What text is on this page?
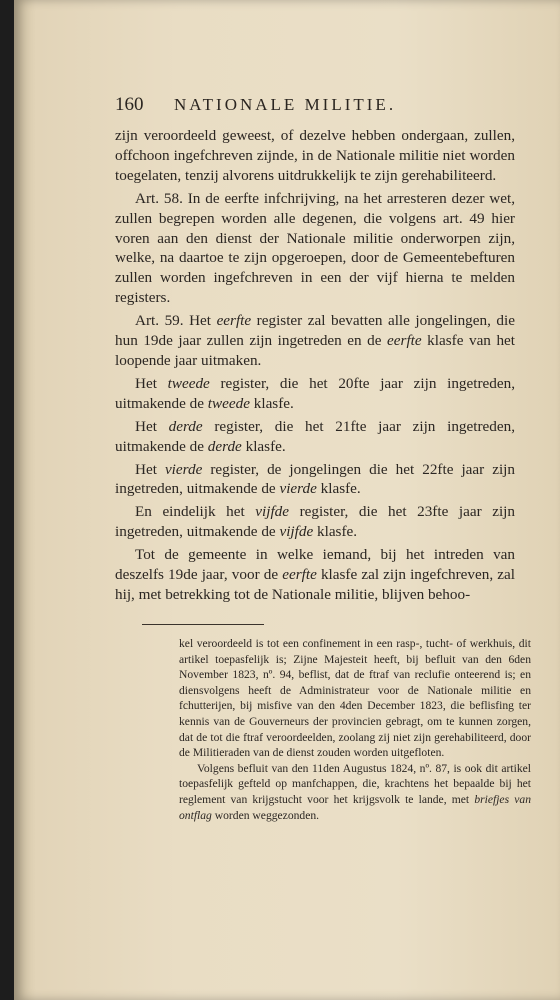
160 NATIONALE MILITIE.

zijn veroordeeld geweest, of dezelve hebben ondergaan, zullen, offchoon ingefchreven zijnde, in de Nationale militie niet worden toegelaten, tenzij alvorens uitdrukkelijk te zijn gerehabiliteerd.

Art. 58. In de eerfte infchrijving, na het arresteren dezer wet, zullen begrepen worden alle degenen, die volgens art. 49 hier voren aan den dienst der Nationale militie onderworpen zijn, welke, na daartoe te zijn opgeroepen, door de Gemeentebefturen zullen worden ingefchreven in een der vijf hierna te melden registers.

Art. 59. Het eerfte register zal bevatten alle jongelingen, die hun 19de jaar zullen zijn ingetreden en de eerfte klasfe van het loopende jaar uitmaken.

Het tweede register, die het 20fte jaar zijn ingetreden, uitmakende de tweede klasfe.

Het derde register, die het 21fte jaar zijn ingetreden, uitmakende de derde klasfe.

Het vierde register, de jongelingen die het 22fte jaar zijn ingetreden, uitmakende de vierde klasfe.

En eindelijk het vijfde register, die het 23fte jaar zijn ingetreden, uitmakende de vijfde klasfe.

Tot de gemeente in welke iemand, bij het intreden van deszelfs 19de jaar, voor de eerfte klasfe zal zijn ingefchreven, zal hij, met betrekking tot de Nationale militie, blijven behoo-

kel veroordeeld is tot een confinement in een rasp-, tucht- of werkhuis, dit artikel toepasfelijk is; Zijne Majesteit heeft, bij befluit van den 6den November 1823, nº. 94, beflist, dat de ftraf van reclufie onteerend is; en diensvolgens heeft de Administrateur voor de Nationale militie en fchutterijen, bij misfive van den 4den December 1823, die beflisfing ter kennis van de Gouverneurs der provincien gebragt, om te kunnen zorgen, dat de tot die ftraf veroordeelden, zoolang zij niet zijn gerehabiliteerd, door de Militieraden van de dienst zouden worden uitgefloten.

Volgens befluit van den 11den Augustus 1824, nº. 87, is ook dit artikel toepasfelijk gefteld op manfchappen, die, krachtens het bepaalde bij het reglement van krijgstucht voor het krijgsvolk te lande, met briefjes van ontflag worden weggezonden.
